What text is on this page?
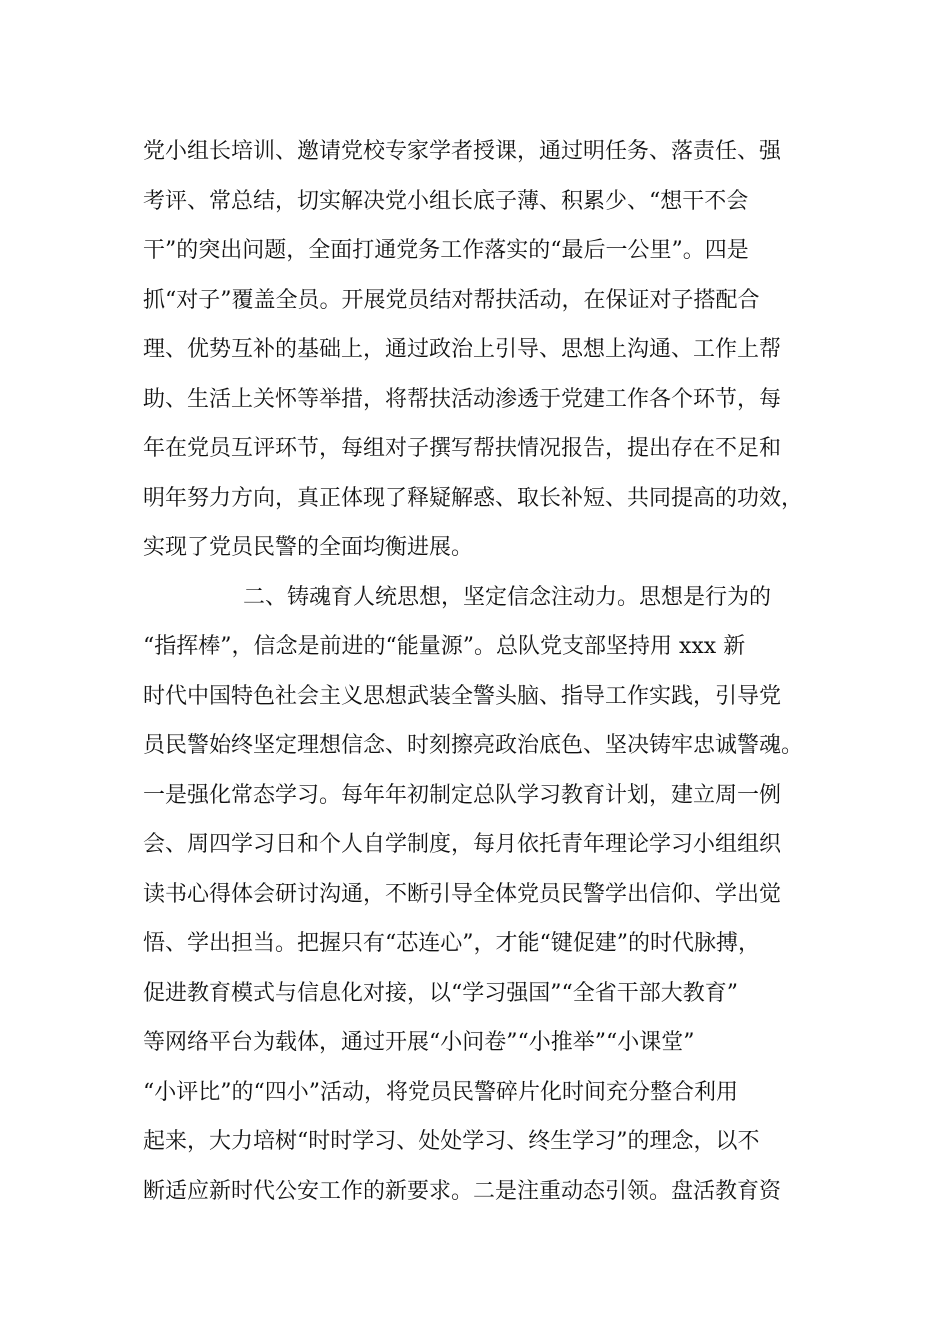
党小组长培训、邀请党校专家学者授课，通过明任务、落责任、强
考评、常总结，切实解决党小组长底子薄、积累少、“想干不会
干”的突出问题，全面打通党务工作落实的“最后一公里”。四是
抓“对子”覆盖全员。开展党员结对帮扶活动，在保证对子搭配合
理、优势互补的基础上，通过政治上引导、思想上沟通、工作上帮
助、生活上关怀等举措，将帮扶活动渗透于党建工作各个环节，每
年在党员互评环节，每组对子撰写帮扶情况报告，提出存在不足和
明年努力方向，真正体现了释疑解惑、取长补短、共同提高的功效，
实现了党员民警的全面均衡进展。
二、铸魂育人统思想，坚定信念注动力。思想是行为的
“指挥棒”，信念是前进的“能量源”。总队党支部坚持用 xxx 新
时代中国特色社会主义思想武装全警头脑、指导工作实践，引导党
员民警始终坚定理想信念、时刻擦亮政治底色、坚决铸牢忠诚警魂。
一是强化常态学习。每年年初制定总队学习教育计划，建立周一例
会、周四学习日和个人自学制度，每月依托青年理论学习小组组织
读书心得体会研讨沟通，不断引导全体党员民警学出信仰、学出觉
悟、学出担当。把握只有“芯连心”，才能“键促建”的时代脉搏，
促进教育模式与信息化对接，以“学习强国”“全省干部大教育”
等网络平台为载体，通过开展“小问卷”“小推举”“小课堂”
“小评比”的“四小”活动，将党员民警碎片化时间充分整合利用
起来，大力培树“时时学习、处处学习、终生学习”的理念，以不
断适应新时代公安工作的新要求。二是注重动态引领。盘活教育资
